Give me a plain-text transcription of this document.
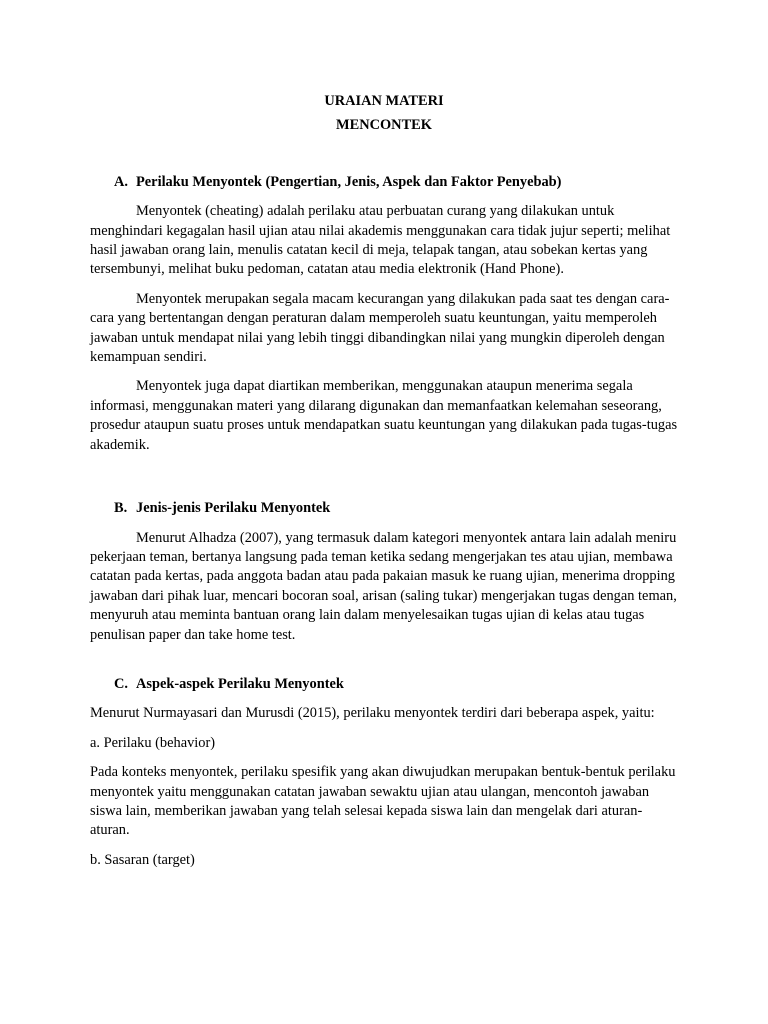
URAIAN MATERI

MENCONTEK

A. Perilaku Menyontek (Pengertian, Jenis, Aspek dan Faktor Penyebab)

Menyontek (cheating) adalah perilaku atau perbuatan curang yang dilakukan untuk menghindari kegagalan hasil ujian atau nilai akademis menggunakan cara tidak jujur seperti; melihat hasil jawaban orang lain, menulis catatan kecil di meja, telapak tangan, atau sobekan kertas yang tersembunyi, melihat buku pedoman, catatan atau media elektronik (Hand Phone).

Menyontek merupakan segala macam kecurangan yang dilakukan pada saat tes dengan cara-cara yang bertentangan dengan peraturan dalam memperoleh suatu keuntungan, yaitu memperoleh jawaban untuk mendapat nilai yang lebih tinggi dibandingkan nilai yang mungkin diperoleh dengan kemampuan sendiri.

Menyontek juga dapat diartikan memberikan, menggunakan ataupun menerima segala informasi, menggunakan materi yang dilarang digunakan dan memanfaatkan kelemahan seseorang, prosedur ataupun suatu proses untuk mendapatkan suatu keuntungan yang dilakukan pada tugas-tugas akademik.

B. Jenis-jenis Perilaku Menyontek

Menurut Alhadza (2007), yang termasuk dalam kategori menyontek antara lain adalah meniru pekerjaan teman, bertanya langsung pada teman ketika sedang mengerjakan tes atau ujian, membawa catatan pada kertas, pada anggota badan atau pada pakaian masuk ke ruang ujian, menerima dropping jawaban dari pihak luar, mencari bocoran soal, arisan (saling tukar) mengerjakan tugas dengan teman, menyuruh atau meminta bantuan orang lain dalam menyelesaikan tugas ujian di kelas atau tugas penulisan paper dan take home test.

C. Aspek-aspek Perilaku Menyontek

Menurut Nurmayasari dan Murusdi (2015), perilaku menyontek terdiri dari beberapa aspek, yaitu:

a. Perilaku (behavior)

Pada konteks menyontek, perilaku spesifik yang akan diwujudkan merupakan bentuk-bentuk perilaku menyontek yaitu menggunakan catatan jawaban sewaktu ujian atau ulangan, mencontoh jawaban siswa lain, memberikan jawaban yang telah selesai kepada siswa lain dan mengelak dari aturan-aturan.

b. Sasaran (target)
